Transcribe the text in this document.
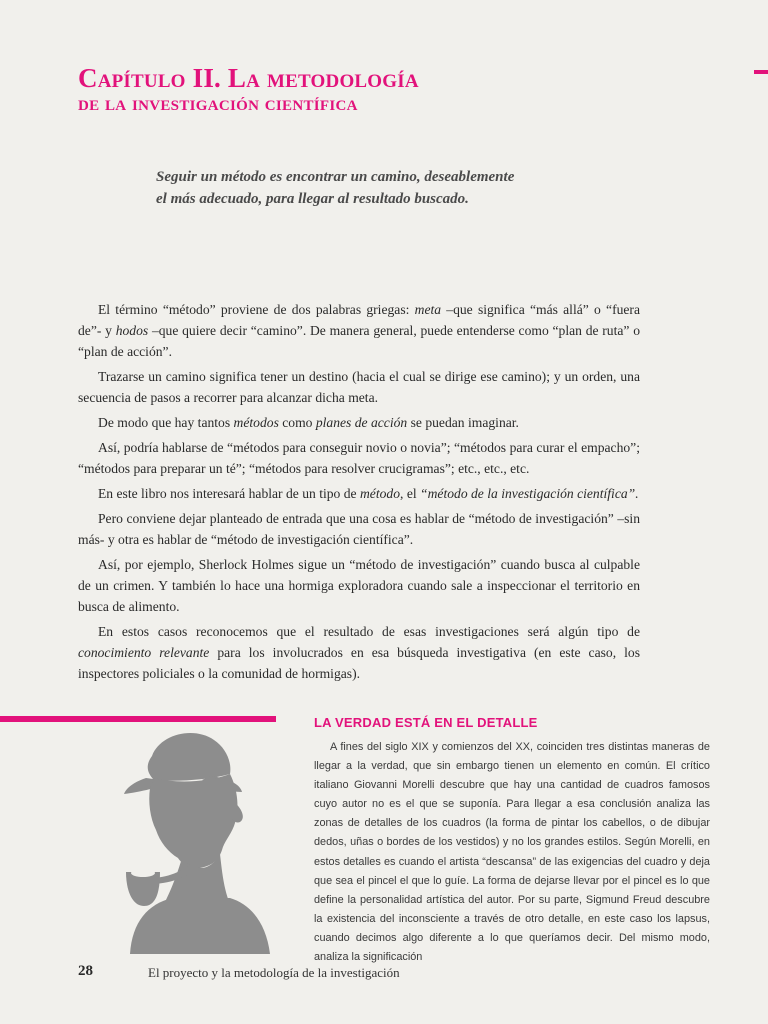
Capítulo II. La metodología
de la investigación científica
Seguir un método es encontrar un camino, deseablemente
el más adecuado, para llegar al resultado buscado.

El término “método” proviene de dos palabras griegas: meta –que significa “más allá” o “fuera de”- y hodos –que quiere decir “camino”. De manera general, puede entenderse como “plan de ruta” o “plan de acción”.

Trazarse un camino significa tener un destino (hacia el cual se dirige ese camino); y un orden, una secuencia de pasos a recorrer para alcanzar dicha meta.

De modo que hay tantos métodos como planes de acción se puedan imaginar.

Así, podría hablarse de “métodos para conseguir novio o novia”; “métodos para curar el empacho”; “métodos para preparar un té”; “métodos para resolver crucigramas”; etc., etc., etc.

En este libro nos interesará hablar de un tipo de método, el “método de la investigación científica”.

Pero conviene dejar planteado de entrada que una cosa es hablar de “método de investigación” –sin más- y otra es hablar de “método de investigación científica”.

Así, por ejemplo, Sherlock Holmes sigue un “método de investigación” cuando busca al culpable de un crimen. Y también lo hace una hormiga exploradora cuando sale a inspeccionar el territorio en busca de alimento.

En estos casos reconocemos que el resultado de esas investigaciones será algún tipo de conocimiento relevante para los involucrados en esa búsqueda investigativa (en este caso, los inspectores policiales o la comunidad de hormigas).

LA VERDAD ESTÁ EN EL DETALLE

A fines del siglo XIX y comienzos del XX, coinciden tres distintas maneras de llegar a la verdad, que sin embargo tienen un elemento en común. El crítico italiano Giovanni Morelli descubre que hay una cantidad de cuadros famosos cuyo autor no es el que se suponía. Para llegar a esa conclusión analiza las zonas de detalles de los cuadros (la forma de pintar los cabellos, o de dibujar dedos, uñas o bordes de los vestidos) y no los grandes estilos. Según Morelli, en estos detalles es cuando el artista “descansa” de las exigencias del cuadro y deja que sea el pincel el que lo guíe. La forma de dejarse llevar por el pincel es lo que define la personalidad artística del autor. Por su parte, Sigmund Freud descubre la existencia del inconsciente a través de otro detalle, en este caso los lapsus, cuando decimos algo diferente a lo que queríamos decir. Del mismo modo, analiza la significación

28	El proyecto y la metodología de la investigación
